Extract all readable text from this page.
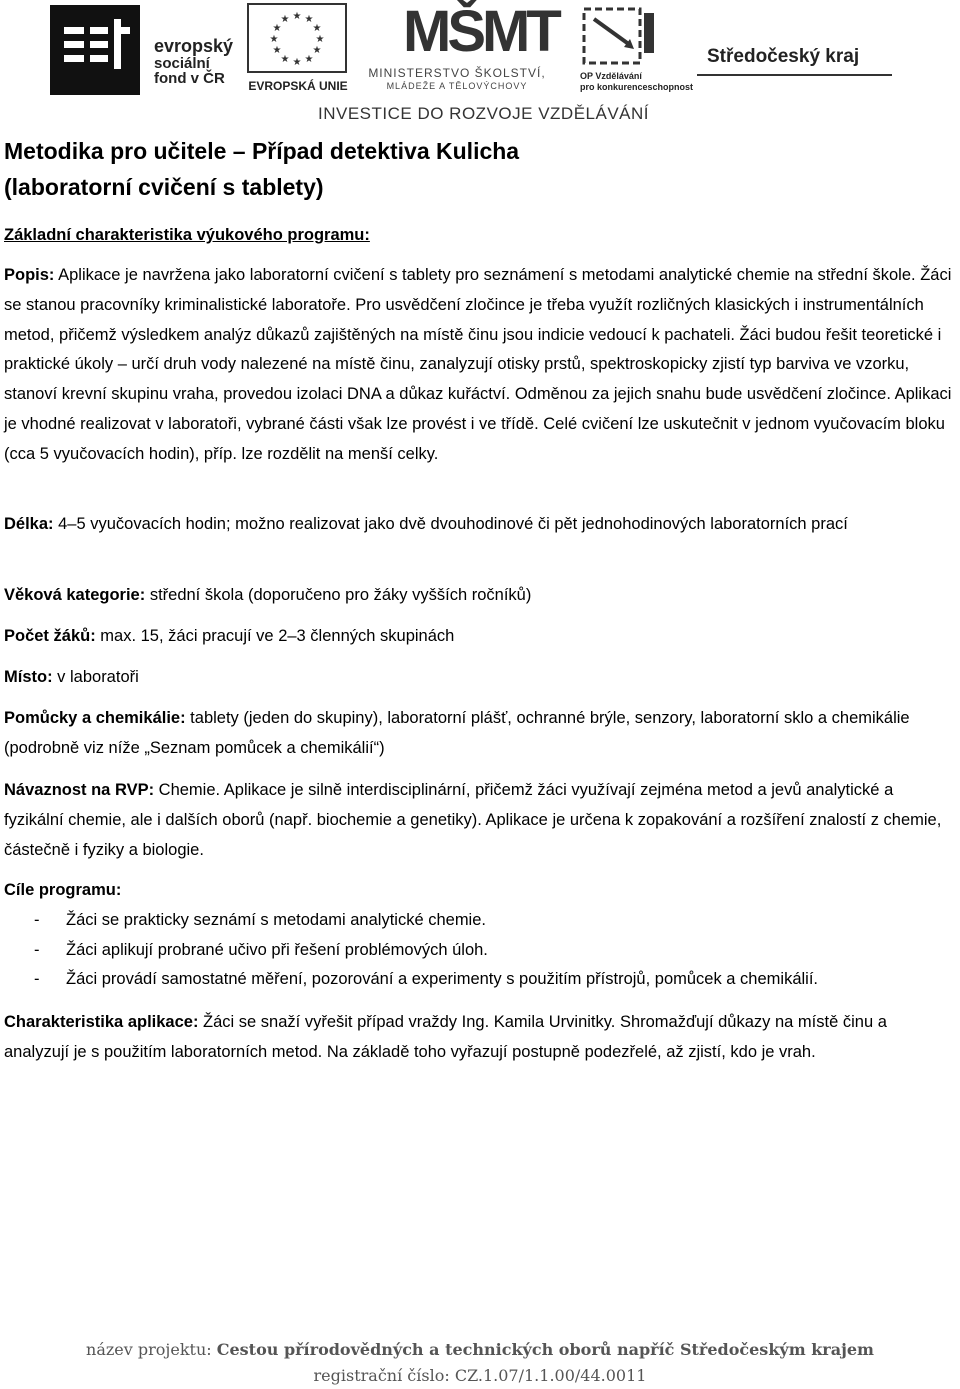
evropský
sociální
fond v ČR
★ ★
★
★
★
★
★
★
★
★
★
★
EVROPSKÁ UNIE
MŠMT
MINISTERSTVO ŠKOLSTVÍ,
MLÁDEŽE A TĚLOVÝCHOVY
OP Vzdělávání
pro konkurenceschopnost
Středočeský kraj
INVESTICE DO ROZVOJE VZDĚLÁVÁNÍ
Metodika pro učitele – Případ detektiva Kulicha
(laboratorní cvičení s tablety)
Základní charakteristika výukového programu:

Popis: Aplikace je navržena jako laboratorní cvičení s tablety pro seznámení s metodami analytické chemie na střední škole. Žáci se stanou pracovníky kriminalistické laboratoře. Pro usvědčení zločince je třeba využít rozličných klasických i instrumentálních metod, přičemž výsledkem analýz důkazů zajištěných na místě činu jsou indicie vedoucí k pachateli. Žáci budou řešit teoretické i praktické úkoly – určí druh vody nalezené na místě činu, zanalyzují otisky prstů, spektroskopicky zjistí typ barviva ve vzorku, stanoví krevní skupinu vraha, provedou izolaci DNA a důkaz kuřáctví. Odměnou za jejich snahu bude usvědčení zločince. Aplikaci je vhodné realizovat v laboratoři, vybrané části však lze provést i ve třídě. Celé cvičení lze uskutečnit v jednom vyučovacím bloku (cca 5 vyučovacích hodin), příp. lze rozdělit na menší celky.

Délka: 4–5 vyučovacích hodin; možno realizovat jako dvě dvouhodinové či pět jednohodinových laboratorních prací

Věková kategorie: střední škola (doporučeno pro žáky vyšších ročníků)

Počet žáků: max. 15, žáci pracují ve 2–3 členných skupinách

Místo: v laboratoři

Pomůcky a chemikálie: tablety (jeden do skupiny), laboratorní plášť, ochranné brýle, senzory, laboratorní sklo a chemikálie (podrobně viz níže „Seznam pomůcek a chemikálií“)

Návaznost na RVP: Chemie. Aplikace je silně interdisciplinární, přičemž žáci využívají zejména metod a jevů analytické a fyzikální chemie, ale i dalších oborů (např. biochemie a genetiky). Aplikace je určena k zopakování a rozšíření znalostí z chemie, částečně i fyziky a biologie.

Cíle programu:

- Žáci se prakticky seznámí s metodami analytické chemie.
- Žáci aplikují probrané učivo při řešení problémových úloh.
- Žáci provádí samostatné měření, pozorování a experimenty s použitím přístrojů, pomůcek a chemikálií.

Charakteristika aplikace: Žáci se snaží vyřešit případ vraždy Ing. Kamila Urvinitky. Shromažďují důkazy na místě činu a analyzují je s použitím laboratorních metod. Na základě toho vyřazují postupně podezřelé, až zjistí, kdo je vrah.

název projektu: Cestou přírodovědných a technických oborů napříč Středočeským krajem
registrační číslo: CZ.1.07/1.1.00/44.0011
